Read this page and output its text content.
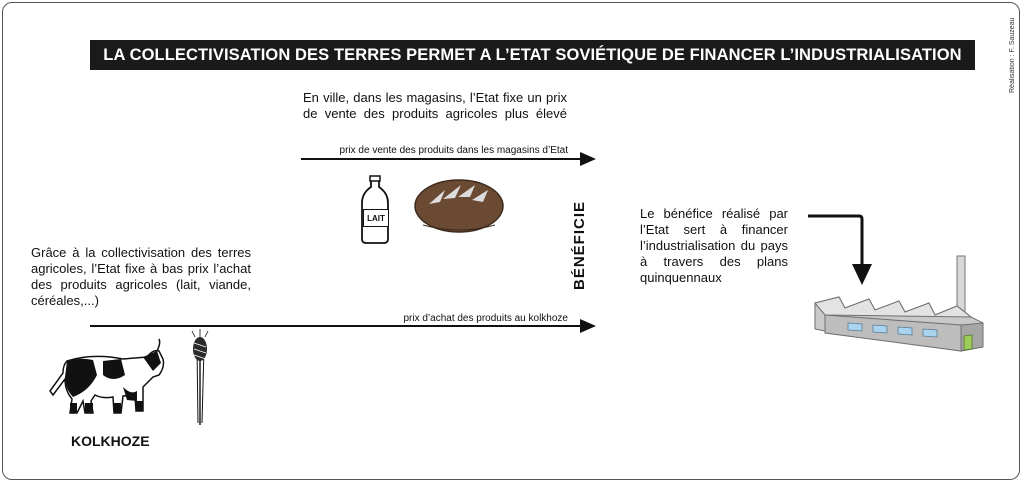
LA COLLECTIVISATION DES TERRES PERMET A L’ETAT SOVIÉTIQUE DE FINANCER L’INDUSTRIALISATION	Réalisation : F. Sauzeau
En ville, dans les magasins, l’Etat fixe un prix de vente des produits agricoles plus élevé
prix de vente des produits dans les magasins d’Etat
LAIT
Grâce à la collectivisation des terres agricoles, l’Etat fixe à bas prix l’achat des produits agricoles (lait, viande, céréales,...)
prix d’achat des produits au kolkhoze
BÉNÉFICIE	Le bénéfice réalisé par l’Etat sert à financer l’industrialisation du pays à travers des plans quinquennaux
KOLKHOZE
